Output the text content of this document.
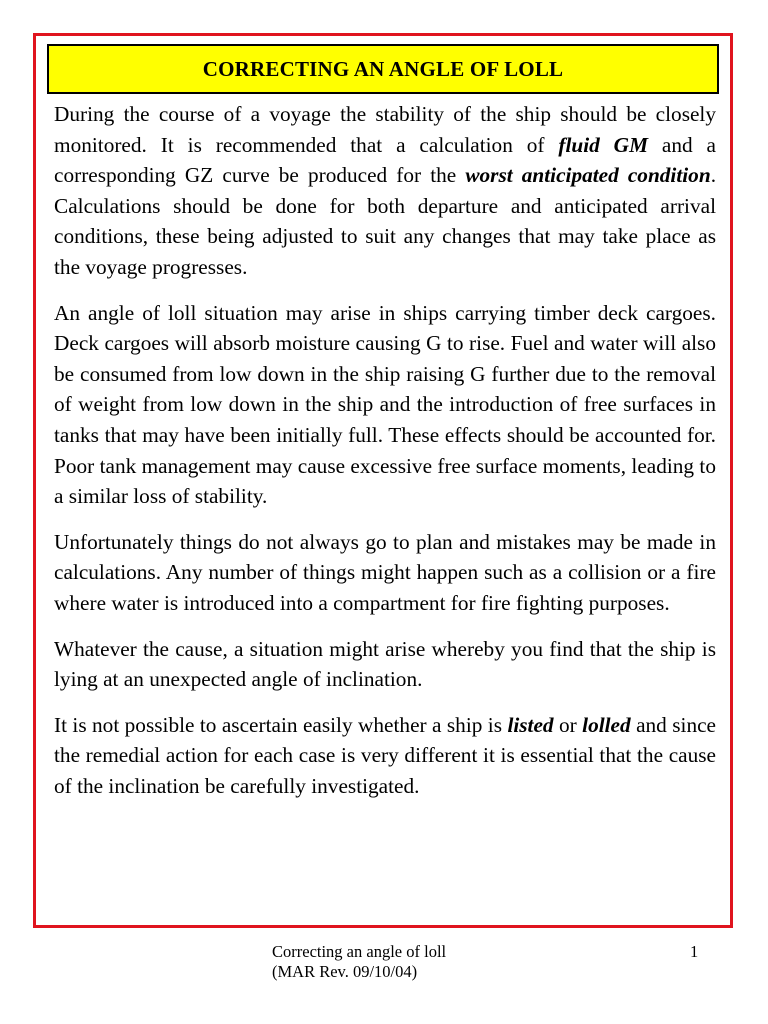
CORRECTING AN ANGLE OF LOLL

During the course of a voyage the stability of the ship should be closely monitored. It is recommended that a calculation of fluid GM and a corresponding GZ curve be produced for the worst anticipated condition. Calculations should be done for both departure and anticipated arrival conditions, these being adjusted to suit any changes that may take place as the voyage progresses.

An angle of loll situation may arise in ships carrying timber deck cargoes. Deck cargoes will absorb moisture causing G to rise. Fuel and water will also be consumed from low down in the ship raising G further due to the removal of weight from low down in the ship and the introduction of free surfaces in tanks that may have been initially full. These effects should be accounted for. Poor tank management may cause excessive free surface moments, leading to a similar loss of stability.

Unfortunately things do not always go to plan and mistakes may be made in calculations. Any number of things might happen such as a collision or a fire where water is introduced into a compartment for fire fighting purposes.

Whatever the cause, a situation might arise whereby you find that the ship is lying at an unexpected angle of inclination.

It is not possible to ascertain easily whether a ship is listed or lolled and since the remedial action for each case is very different it is essential that the cause of the inclination be carefully investigated.

Correcting an angle of loll
(MAR Rev. 09/10/04)
1
